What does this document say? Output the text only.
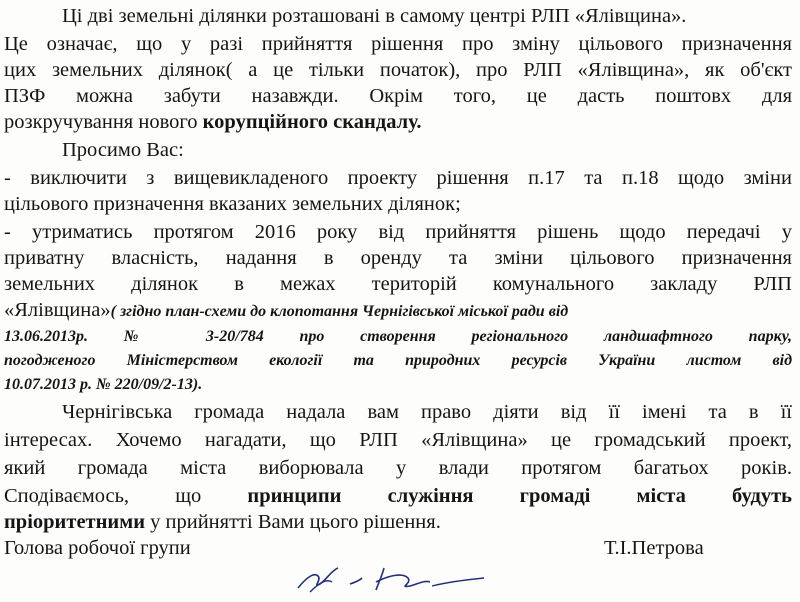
Ці дві земельні ділянки розташовані в самому центрі РЛП «Ялівщина».

Це означає, що у разі прийняття рішення про зміну цільового призначення

цих земельних ділянок( а це тільки початок), про РЛП «Ялівщина», як об'єкт

ПЗФ можна забути назавжди. Окрім того, це дасть поштовх для

розкручування нового корупційного скандалу.

Просимо Вас:

- виключити з вищевикладеного проекту рішення п.17 та п.18 щодо зміни

цільового призначення вказаних земельних ділянок;

- утриматись протягом 2016 року від прийняття рішень щодо передачі у

приватну власність, надання в оренду та зміни цільового призначення

земельних ділянок в межах територій комунального закладу РЛП

«Ялівщина»( згідно план-схеми до клопотання Чернігівської міської ради від

13.06.2013р. № 3-20/784 про створення регіонального ландшафтного парку,

погодженого Міністерством екології та природних ресурсів України листом від

10.07.2013 р. № 220/09/2-13).

Чернігівська громада надала вам право діяти від її імені та в її

інтересах. Хочемо нагадати, що РЛП «Ялівщина» це громадський проект,

який громада міста виборювала у влади протягом багатьох років.

Сподіваємось, що принципи служіння громаді міста будуть

пріоритетними у прийнятті Вами цього рішення.

Голова робочої групи	Т.І.Петрова
